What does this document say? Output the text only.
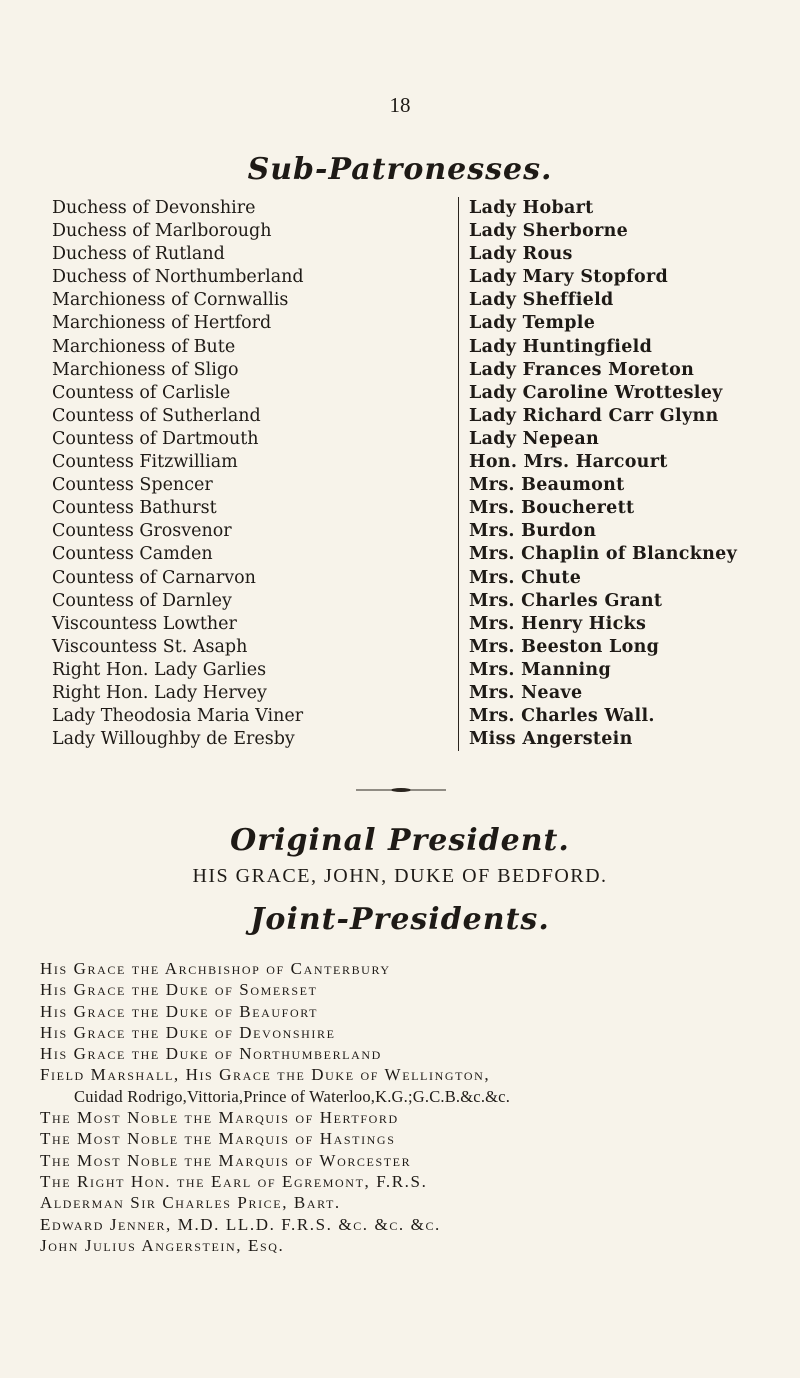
18
Sub-Patronesses.
Duchess of Devonshire
Duchess of Marlborough
Duchess of Rutland
Duchess of Northumberland
Marchioness of Cornwallis
Marchioness of Hertford
Marchioness of Bute
Marchioness of Sligo
Countess of Carlisle
Countess of Sutherland
Countess of Dartmouth
Countess Fitzwilliam
Countess Spencer
Countess Bathurst
Countess Grosvenor
Countess Camden
Countess of Carnarvon
Countess of Darnley
Viscountess Lowther
Viscountess St. Asaph
Right Hon. Lady Garlies
Right Hon. Lady Hervey
Lady Theodosia Maria Viner
Lady Willoughby de Eresby
Lady Hobart
Lady Sherborne
Lady Rous
Lady Mary Stopford
Lady Sheffield
Lady Temple
Lady Huntingfield
Lady Frances Moreton
Lady Caroline Wrottesley
Lady Richard Carr Glynn
Lady Nepean
Hon. Mrs. Harcourt
Mrs. Beaumont
Mrs. Boucherett
Mrs. Burdon
Mrs. Chaplin of Blanckney
Mrs. Chute
Mrs. Charles Grant
Mrs. Henry Hicks
Mrs. Beeston Long
Mrs. Manning
Mrs. Neave
Mrs. Charles Wall.
Miss Angerstein
Original President.
HIS GRACE, JOHN, DUKE OF BEDFORD.
Joint-Presidents.
His Grace the Archbishop of Canterbury
His Grace the Duke of Somerset
His Grace the Duke of Beaufort
His Grace the Duke of Devonshire
His Grace the Duke of Northumberland
Field Marshall, His Grace the Duke of Wellington,
Cuidad Rodrigo,Vittoria,Prince of Waterloo,K.G.;G.C.B.&c.&c.
The Most Noble the Marquis of Hertford
The Most Noble the Marquis of Hastings
The Most Noble the Marquis of Worcester
The Right Hon. the Earl of Egremont, F.R.S.
Alderman Sir Charles Price, Bart.
Edward Jenner, M.D. LL.D. F.R.S. &c. &c. &c.
John Julius Angerstein, Esq.
